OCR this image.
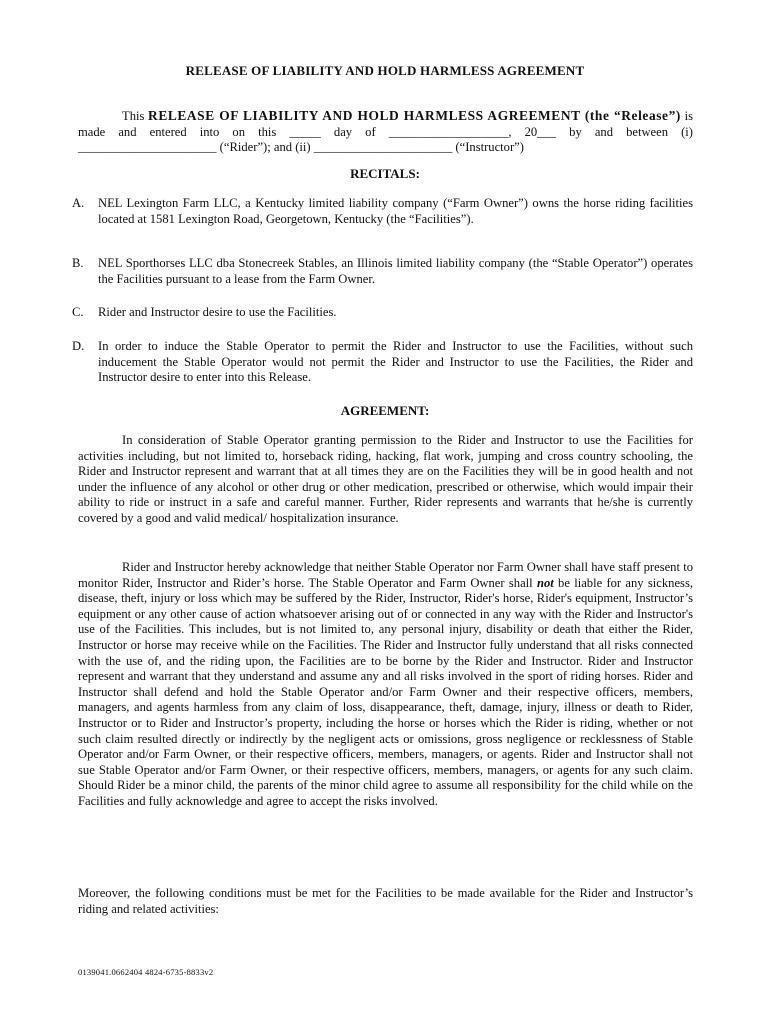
RELEASE OF LIABILITY AND HOLD HARMLESS AGREEMENT
This RELEASE OF LIABILITY AND HOLD HARMLESS AGREEMENT (the “Release”) is made and entered into on this _____ day of ___________________, 20___ by and between (i) ______________________ (“Rider”); and (ii) ______________________ (“Instructor”)
RECITALS:
A. NEL Lexington Farm LLC, a Kentucky limited liability company (“Farm Owner”) owns the horse riding facilities located at 1581 Lexington Road, Georgetown, Kentucky (the “Facilities”).
B. NEL Sporthorses LLC dba Stonecreek Stables, an Illinois limited liability company (the “Stable Operator”) operates the Facilities pursuant to a lease from the Farm Owner.
C. Rider and Instructor desire to use the Facilities.
D. In order to induce the Stable Operator to permit the Rider and Instructor to use the Facilities, without such inducement the Stable Operator would not permit the Rider and Instructor to use the Facilities, the Rider and Instructor desire to enter into this Release.
AGREEMENT:
In consideration of Stable Operator granting permission to the Rider and Instructor to use the Facilities for activities including, but not limited to, horseback riding, hacking, flat work, jumping and cross country schooling, the Rider and Instructor represent and warrant that at all times they are on the Facilities they will be in good health and not under the influence of any alcohol or other drug or other medication, prescribed or otherwise, which would impair their ability to ride or instruct in a safe and careful manner. Further, Rider represents and warrants that he/she is currently covered by a good and valid medical/ hospitalization insurance.
Rider and Instructor hereby acknowledge that neither Stable Operator nor Farm Owner shall have staff present to monitor Rider, Instructor and Rider’s horse. The Stable Operator and Farm Owner shall not be liable for any sickness, disease, theft, injury or loss which may be suffered by the Rider, Instructor, Rider's horse, Rider's equipment, Instructor’s equipment or any other cause of action whatsoever arising out of or connected in any way with the Rider and Instructor's use of the Facilities. This includes, but is not limited to, any personal injury, disability or death that either the Rider, Instructor or horse may receive while on the Facilities. The Rider and Instructor fully understand that all risks connected with the use of, and the riding upon, the Facilities are to be borne by the Rider and Instructor. Rider and Instructor represent and warrant that they understand and assume any and all risks involved in the sport of riding horses. Rider and Instructor shall defend and hold the Stable Operator and/or Farm Owner and their respective officers, members, managers, and agents harmless from any claim of loss, disappearance, theft, damage, injury, illness or death to Rider, Instructor or to Rider and Instructor’s property, including the horse or horses which the Rider is riding, whether or not such claim resulted directly or indirectly by the negligent acts or omissions, gross negligence or recklessness of Stable Operator and/or Farm Owner, or their respective officers, members, managers, or agents. Rider and Instructor shall not sue Stable Operator and/or Farm Owner, or their respective officers, members, managers, or agents for any such claim. Should Rider be a minor child, the parents of the minor child agree to assume all responsibility for the child while on the Facilities and fully acknowledge and agree to accept the risks involved.
Moreover, the following conditions must be met for the Facilities to be made available for the Rider and Instructor’s riding and related activities:
0139041.0662404 4824-6735-8833v2
